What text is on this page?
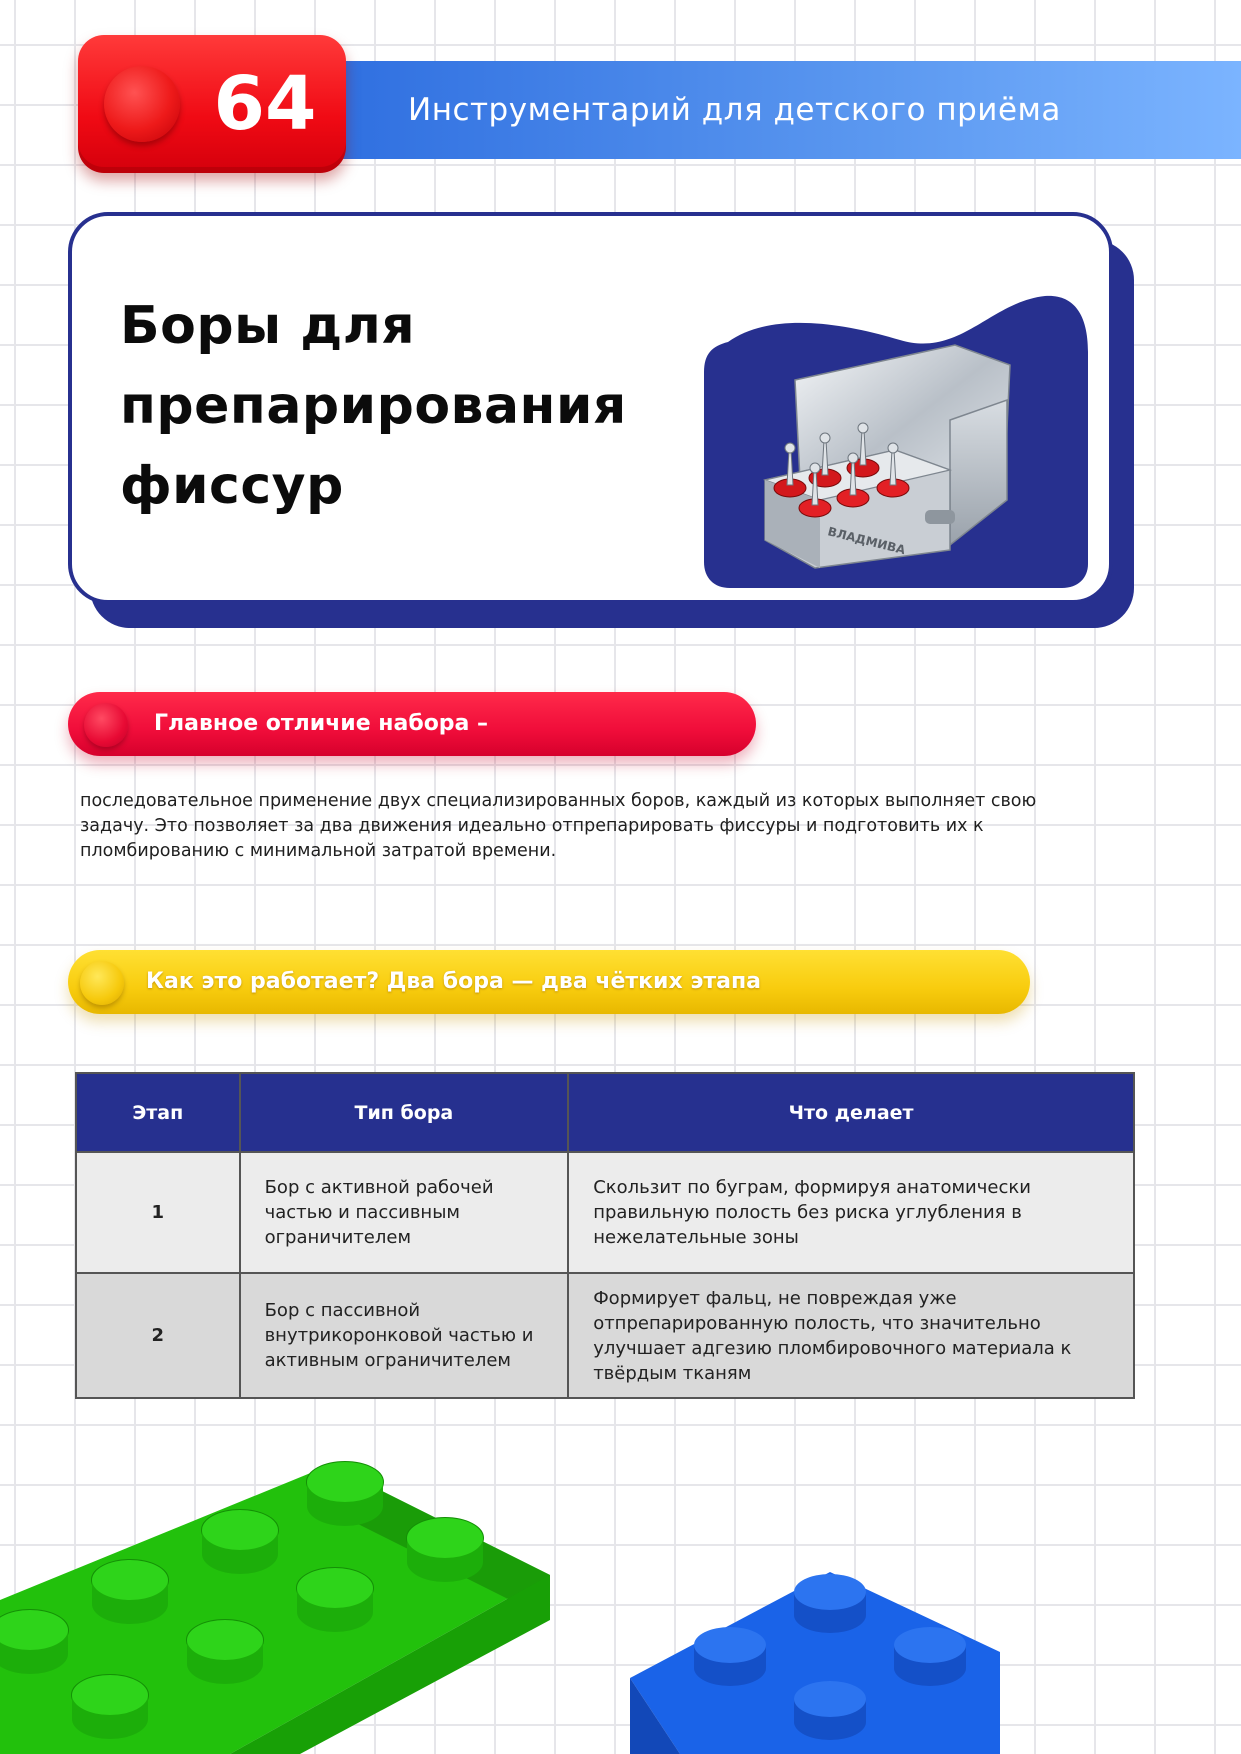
Инструментарий для детского приёма
64
Боры для
препарирования
фиссур
ВЛАДМИВА
Главное отличие набора –
последовательное применение двух специализированных боров, каждый из которых выполняет свою задачу. Это позволяет за два движения идеально отпрепарировать фиссуры и подготовить их к пломбированию с минимальной затратой времени.
Как это работает? Два бора — два чётких этапа
Этап	Тип бора	Что делает
1	Бор с активной рабочей частью и пассивным ограничителем	Скользит по буграм, формируя анатомически правильную полость без риска углубления в нежелательные зоны
2	Бор с пассивной внутрикоронковой частью и активным ограничителем	Формирует фальц, не повреждая уже отпрепарированную полость, что значительно улучшает адгезию пломбировочного материала к твёрдым тканям
